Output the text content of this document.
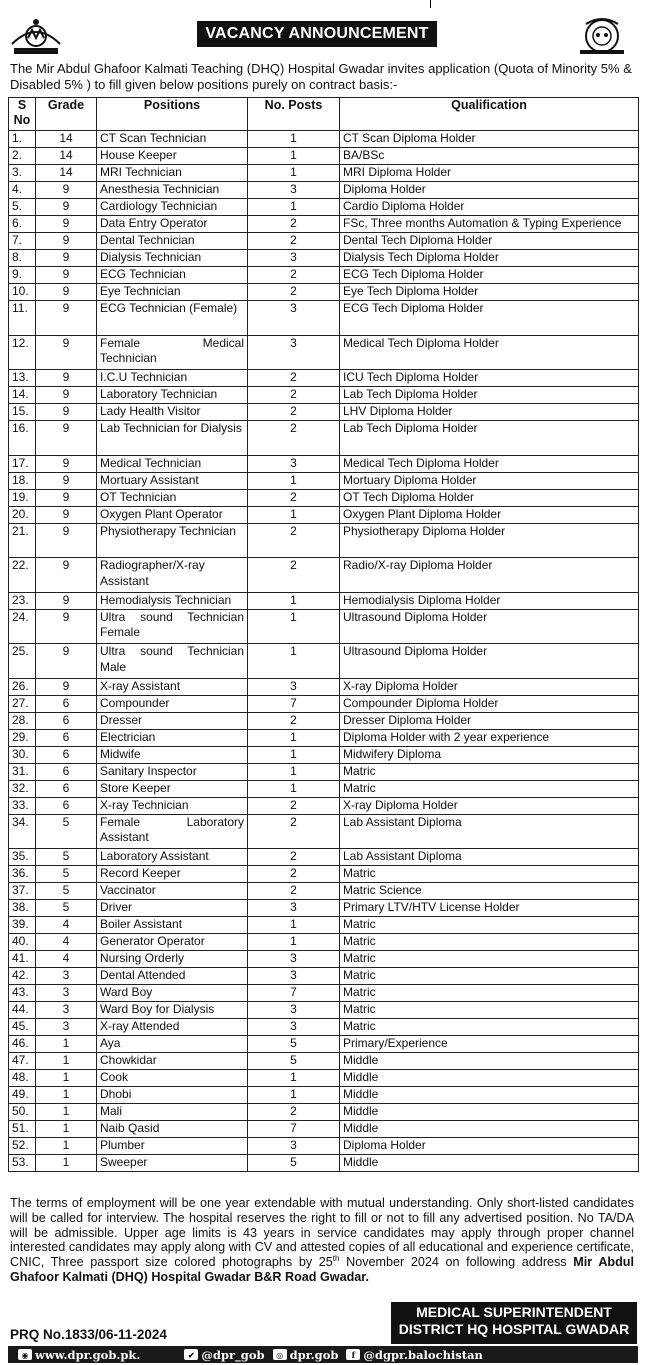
VACANCY ANNOUNCEMENT
The Mir Abdul Ghafoor Kalmati Teaching (DHQ) Hospital Gwadar invites application (Quota of Minority 5% & Disabled 5% ) to fill given below positions purely on contract basis:-
S No	Grade	Positions	No. Posts	Qualification
1.	14	CT Scan Technician	1	CT Scan Diploma Holder
2.	14	House Keeper	1	BA/BSc
3.	14	MRI Technician	1	MRI Diploma Holder
4.	9	Anesthesia Technician	3	Diploma Holder
5.	9	Cardiology Technician	1	Cardio Diploma Holder
6.	9	Data Entry Operator	2	FSc, Three months Automation & Typing Experience
7.	9	Dental Technician	2	Dental Tech Diploma Holder
8.	9	Dialysis Technician	3	Dialysis Tech Diploma Holder
9.	9	ECG Technician	2	ECG Tech Diploma Holder
10.	9	Eye Technician	2	Eye Tech Diploma Holder
11.	9	ECG Technician (Female)	3	ECG Tech Diploma Holder
12.	9	Female Medical Technician	3	Medical Tech Diploma Holder
13.	9	I.C.U Technician	2	ICU Tech Diploma Holder
14.	9	Laboratory Technician	2	Lab Tech Diploma Holder
15.	9	Lady Health Visitor	2	LHV Diploma Holder
16.	9	Lab Technician for Dialysis	2	Lab Tech Diploma Holder
17.	9	Medical Technician	3	Medical Tech Diploma Holder
18.	9	Mortuary Assistant	1	Mortuary Diploma Holder
19.	9	OT Technician	2	OT Tech Diploma Holder
20.	9	Oxygen Plant Operator	1	Oxygen Plant Diploma Holder
21.	9	Physiotherapy Technician	2	Physiotherapy Diploma Holder
22.	9	Radiographer/X-ray Assistant	2	Radio/X-ray Diploma Holder
23.	9	Hemodialysis Technician	1	Hemodialysis Diploma Holder
24.	9	Ultra sound Technician Female	1	Ultrasound Diploma Holder
25.	9	Ultra sound Technician Male	1	Ultrasound Diploma Holder
26.	9	X-ray Assistant	3	X-ray Diploma Holder
27.	6	Compounder	7	Compounder Diploma Holder
28.	6	Dresser	2	Dresser Diploma Holder
29.	6	Electrician	1	Diploma Holder with 2 year experience
30.	6	Midwife	1	Midwifery Diploma
31.	6	Sanitary Inspector	1	Matric
32.	6	Store Keeper	1	Matric
33.	6	X-ray Technician	2	X-ray Diploma Holder
34.	5	Female Laboratory Assistant	2	Lab Assistant Diploma
35.	5	Laboratory Assistant	2	Lab Assistant Diploma
36.	5	Record Keeper	2	Matric
37.	5	Vaccinator	2	Matric Science
38.	5	Driver	3	Primary LTV/HTV License Holder
39.	4	Boiler Assistant	1	Matric
40.	4	Generator Operator	1	Matric
41.	4	Nursing Orderly	3	Matric
42.	3	Dental Attended	3	Matric
43.	3	Ward Boy	7	Matric
44.	3	Ward Boy for Dialysis	3	Matric
45.	3	X-ray Attended	3	Matric
46.	1	Aya	5	Primary/Experience
47.	1	Chowkidar	5	Middle
48.	1	Cook	1	Middle
49.	1	Dhobi	1	Middle
50.	1	Mali	2	Middle
51.	1	Naib Qasid	7	Middle
52.	1	Plumber	3	Diploma Holder
53.	1	Sweeper	5	Middle
The terms of employment will be one year extendable with mutual understanding. Only short-listed candidates will be called for interview. The hospital reserves the right to fill or not to fill any advertised position. No TA/DA will be admissible. Upper age limits is 43 years in service candidates may apply through proper channel interested candidates may apply along with CV and attested copies of all educational and experience certificate, CNIC, Three passport size colored photographs by 25th November 2024 on following address Mir Abdul Ghafoor Kalmati (DHQ) Hospital Gwadar B&R Road Gwadar.
MEDICAL SUPERINTENDENT
DISTRICT HQ HOSPITAL GWADAR
PRQ No.1833/06-11-2024
◉ www.dpr.gob.pk.	✔ @dpr_gob	◎ dpr.gob	f @dgpr.balochistan
